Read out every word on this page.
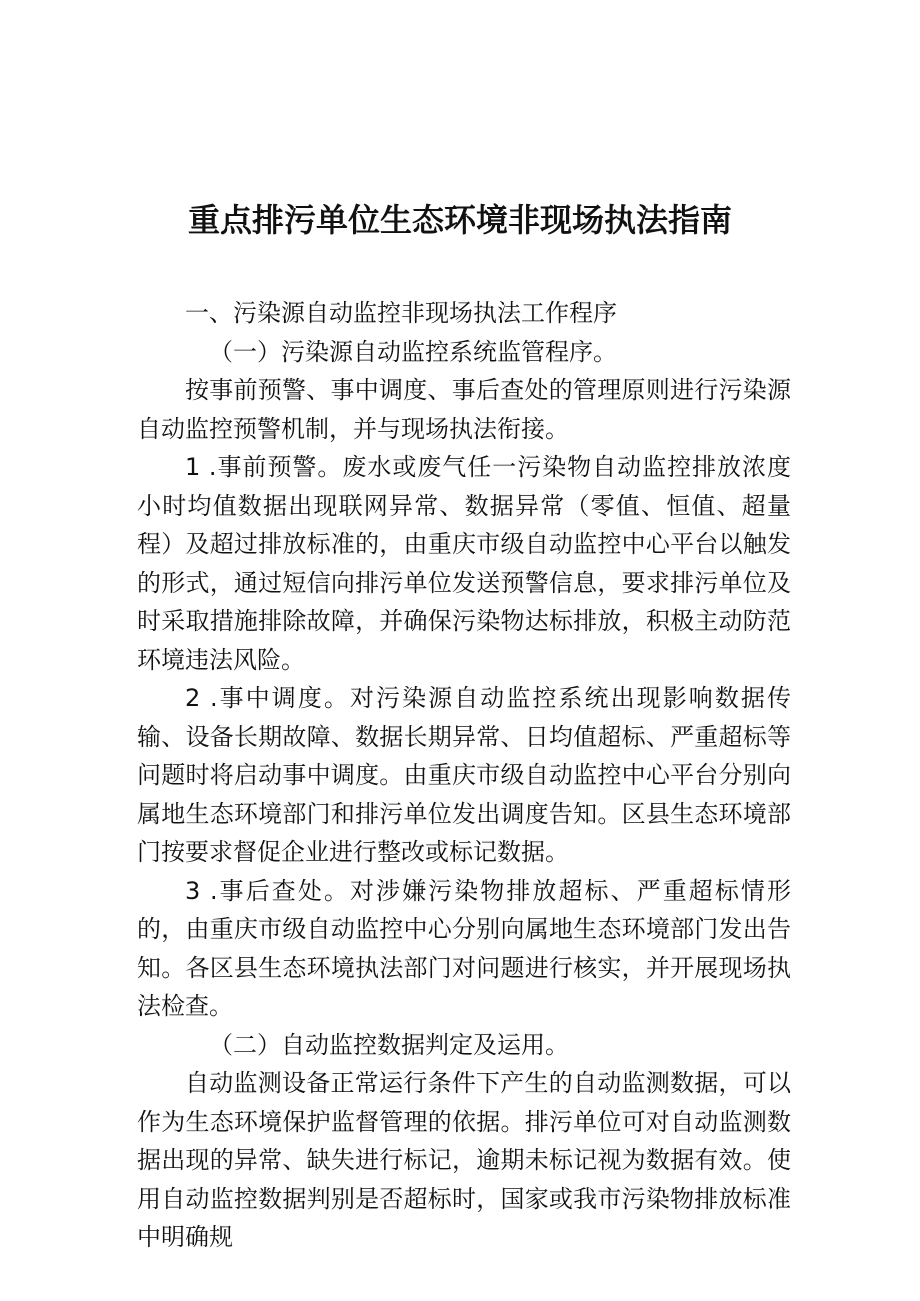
重点排污单位生态环境非现场执法指南

一、污染源自动监控非现场执法工作程序

（一）污染源自动监控系统监管程序。

按事前预警、事中调度、事后查处的管理原则进行污染源自动监控预警机制，并与现场执法衔接。

1 .事前预警。废水或废气任一污染物自动监控排放浓度小时均值数据出现联网异常、数据异常（零值、恒值、超量程）及超过排放标准的，由重庆市级自动监控中心平台以触发的形式，通过短信向排污单位发送预警信息，要求排污单位及时采取措施排除故障，并确保污染物达标排放，积极主动防范环境违法风险。

2 .事中调度。对污染源自动监控系统出现影响数据传输、设备长期故障、数据长期异常、日均值超标、严重超标等问题时将启动事中调度。由重庆市级自动监控中心平台分别向属地生态环境部门和排污单位发出调度告知。区县生态环境部门按要求督促企业进行整改或标记数据。

3 .事后查处。对涉嫌污染物排放超标、严重超标情形的，由重庆市级自动监控中心分别向属地生态环境部门发出告知。各区县生态环境执法部门对问题进行核实，并开展现场执法检查。

（二）自动监控数据判定及运用。

自动监测设备正常运行条件下产生的自动监测数据，可以作为生态环境保护监督管理的依据。排污单位可对自动监测数据出现的异常、缺失进行标记，逾期未标记视为数据有效。使用自动监控数据判别是否超标时，国家或我市污染物排放标准中明确规
